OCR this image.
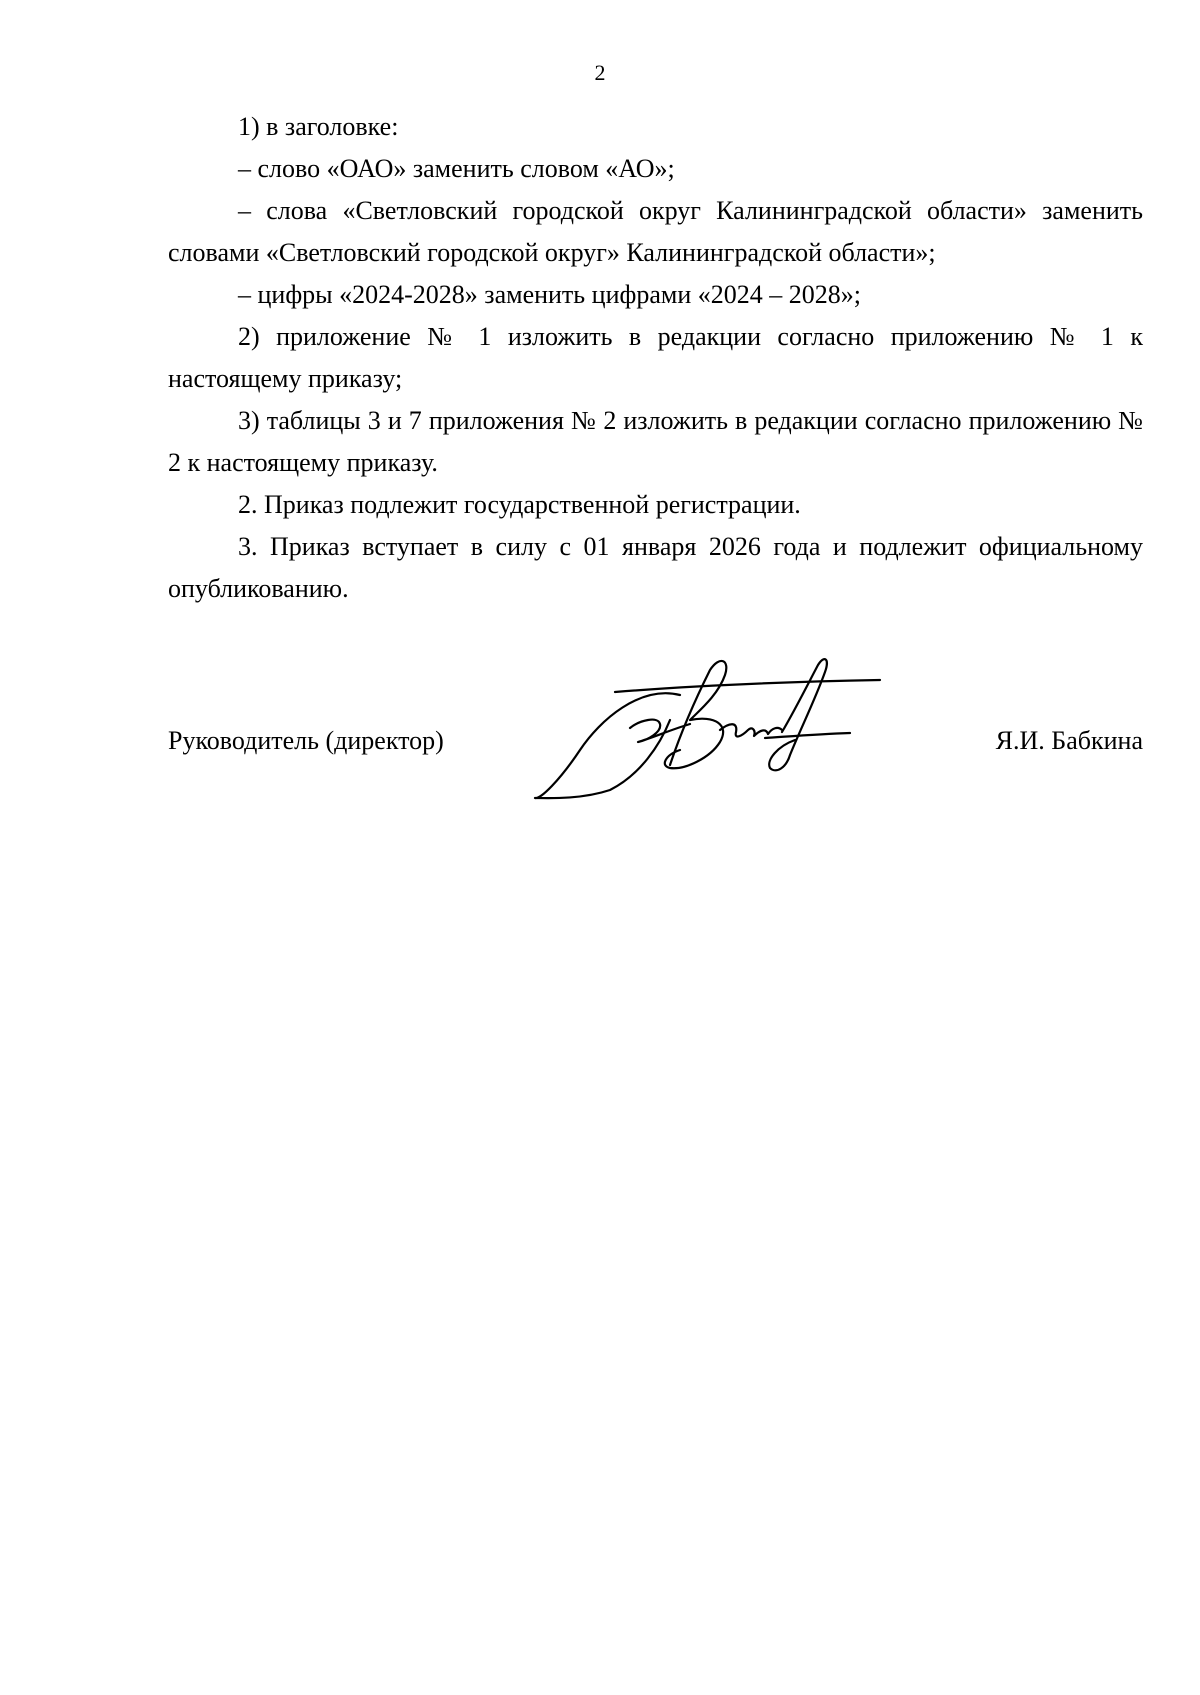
2

1) в заголовке:

– слово «ОАО» заменить словом «АО»;

– слова «Светловский городской округ Калининградской области» заменить словами «Светловский городской округ» Калининградской области»;

– цифры «2024-2028» заменить цифрами «2024 – 2028»;

2) приложение № 1 изложить в редакции согласно приложению № 1 к настоящему приказу;

3) таблицы 3 и 7 приложения № 2 изложить в редакции согласно приложению № 2 к настоящему приказу.

2. Приказ подлежит государственной регистрации.

3. Приказ вступает в силу с 01 января 2026 года и подлежит официальному опубликованию.

Руководитель (директор)	Я.И. Бабкина
